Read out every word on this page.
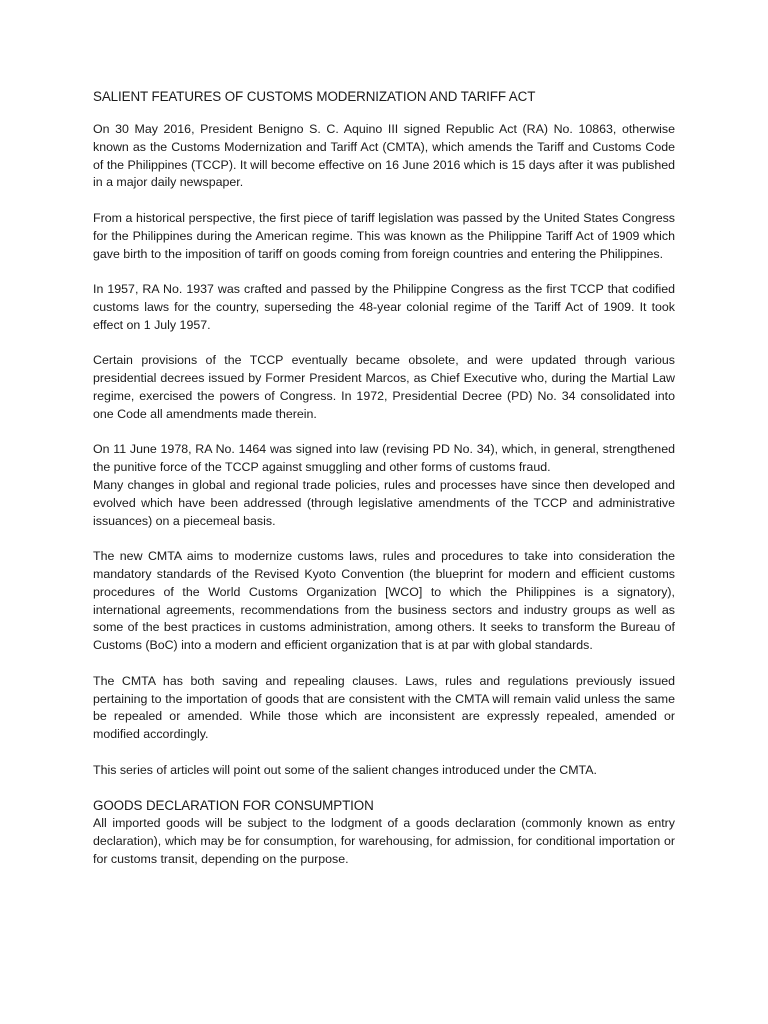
SALIENT FEATURES OF CUSTOMS MODERNIZATION AND TARIFF ACT

On 30 May 2016, President Benigno S. C. Aquino III signed Republic Act (RA) No. 10863, otherwise known as the Customs Modernization and Tariff Act (CMTA), which amends the Tariff and Customs Code of the Philippines (TCCP). It will become effective on 16 June 2016 which is 15 days after it was published in a major daily newspaper.

From a historical perspective, the first piece of tariff legislation was passed by the United States Congress for the Philippines during the American regime. This was known as the Philippine Tariff Act of 1909 which gave birth to the imposition of tariff on goods coming from foreign countries and entering the Philippines.

In 1957, RA No. 1937 was crafted and passed by the Philippine Congress as the first TCCP that codified customs laws for the country, superseding the 48-year colonial regime of the Tariff Act of 1909. It took effect on 1 July 1957.

Certain provisions of the TCCP eventually became obsolete, and were updated through various presidential decrees issued by Former President Marcos, as Chief Executive who, during the Martial Law regime, exercised the powers of Congress. In 1972, Presidential Decree (PD) No. 34 consolidated into one Code all amendments made therein.

On 11 June 1978, RA No. 1464 was signed into law (revising PD No. 34), which, in general, strengthened the punitive force of the TCCP against smuggling and other forms of customs fraud.

Many changes in global and regional trade policies, rules and processes have since then developed and evolved which have been addressed (through legislative amendments of the TCCP and administrative issuances) on a piecemeal basis.

The new CMTA aims to modernize customs laws, rules and procedures to take into consideration the mandatory standards of the Revised Kyoto Convention (the blueprint for modern and efficient customs procedures of the World Customs Organization [WCO] to which the Philippines is a signatory), international agreements, recommendations from the business sectors and industry groups as well as some of the best practices in customs administration, among others. It seeks to transform the Bureau of Customs (BoC) into a modern and efficient organization that is at par with global standards.

The CMTA has both saving and repealing clauses. Laws, rules and regulations previously issued pertaining to the importation of goods that are consistent with the CMTA will remain valid unless the same be repealed or amended. While those which are inconsistent are expressly repealed, amended or modified accordingly.

This series of articles will point out some of the salient changes introduced under the CMTA.

GOODS DECLARATION FOR CONSUMPTION

All imported goods will be subject to the lodgment of a goods declaration (commonly known as entry declaration), which may be for consumption, for warehousing, for admission, for conditional importation or for customs transit, depending on the purpose.
